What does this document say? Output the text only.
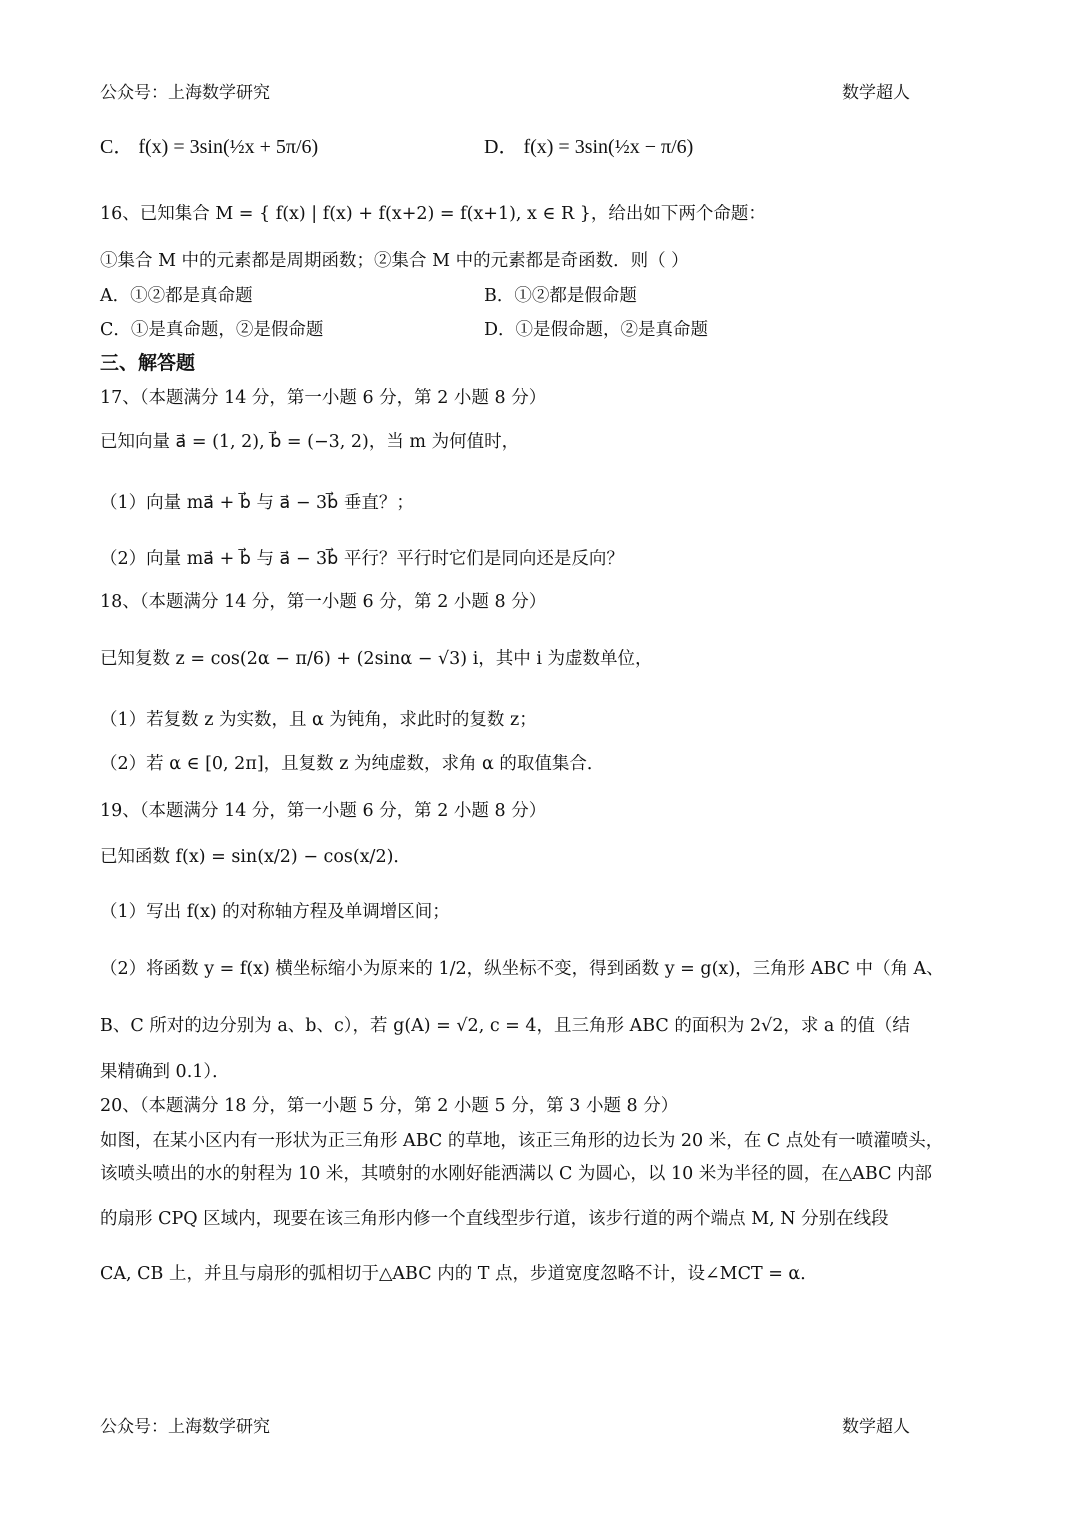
公众号：上海数学研究	数学超人
C． f(x) = 3sin(½x + 5π/6)	D． f(x) = 3sin(½x − π/6)
16、已知集合 M = { f(x) | f(x) + f(x+2) = f(x+1), x ∈ R }，给出如下两个命题：
①集合 M 中的元素都是周期函数；②集合 M 中的元素都是奇函数．则（ ）
A．①②都是真命题	B．①②都是假命题
C．①是真命题，②是假命题	D．①是假命题，②是真命题
三、解答题
17、（本题满分 14 分，第一小题 6 分，第 2 小题 8 分）
已知向量 a⃗ = (1, 2), b⃗ = (−3, 2)，当 m 为何值时，
（1）向量 ma⃗ + b⃗ 与 a⃗ − 3b⃗ 垂直？；
（2）向量 ma⃗ + b⃗ 与 a⃗ − 3b⃗ 平行？平行时它们是同向还是反向？
18、（本题满分 14 分，第一小题 6 分，第 2 小题 8 分）
已知复数 z = cos(2α − π/6) + (2sinα − √3) i，其中 i 为虚数单位，
（1）若复数 z 为实数，且 α 为钝角，求此时的复数 z；
（2）若 α ∈ [0, 2π]，且复数 z 为纯虚数，求角 α 的取值集合．
19、（本题满分 14 分，第一小题 6 分，第 2 小题 8 分）
已知函数 f(x) = sin(x/2) − cos(x/2)．
（1）写出 f(x) 的对称轴方程及单调增区间；
（2）将函数 y = f(x) 横坐标缩小为原来的 1/2，纵坐标不变，得到函数 y = g(x)，三角形 ABC 中（角 A、
B、C 所对的边分别为 a、b、c），若 g(A) = √2, c = 4，且三角形 ABC 的面积为 2√2，求 a 的值（结
果精确到 0.1）．
20、（本题满分 18 分，第一小题 5 分，第 2 小题 5 分，第 3 小题 8 分）
如图，在某小区内有一形状为正三角形 ABC 的草地，该正三角形的边长为 20 米，在 C 点处有一喷灌喷头，
该喷头喷出的水的射程为 10 米，其喷射的水刚好能洒满以 C 为圆心，以 10 米为半径的圆，在△ABC 内部
的扇形 CPQ 区域内，现要在该三角形内修一个直线型步行道，该步行道的两个端点 M, N 分别在线段
CA, CB 上，并且与扇形的弧相切于△ABC 内的 T 点，步道宽度忽略不计，设∠MCT = α．
公众号：上海数学研究	数学超人
